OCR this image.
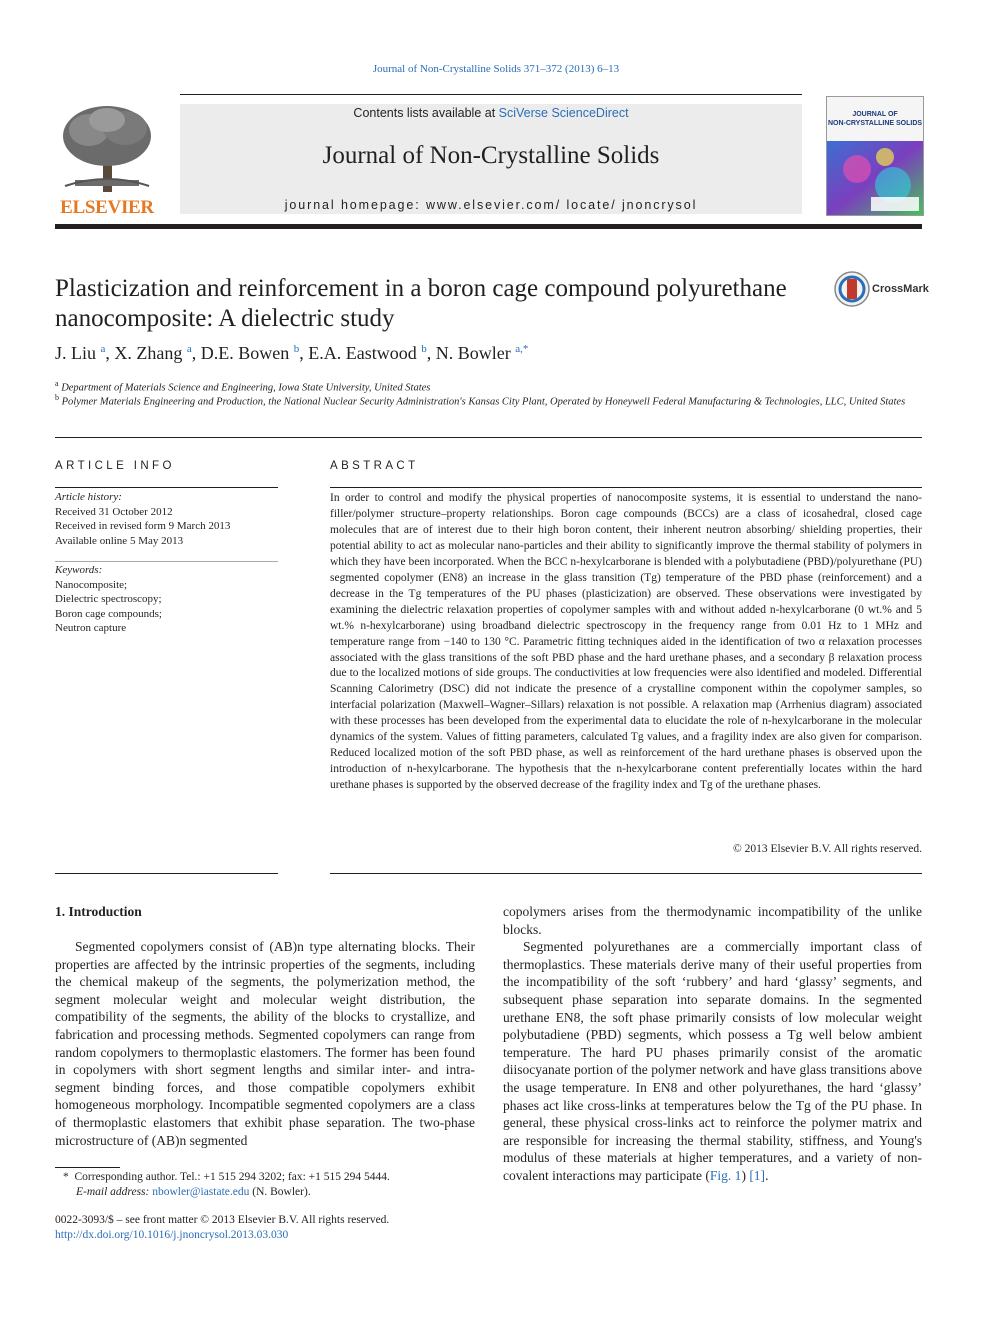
Journal of Non-Crystalline Solids 371–372 (2013) 6–13
ELSEVIER
Contents lists available at SciVerse ScienceDirect
Journal of Non-Crystalline Solids
journal homepage: www.elsevier.com/ locate/ jnoncrysol
JOURNAL OF
NON-CRYSTALLINE SOLIDS
Plasticization and reinforcement in a boron cage compound polyurethane nanocomposite: A dielectric study
CrossMark
J. Liu $^a$, X. Zhang $^a$, D.E. Bowen $^b$, E.A. Eastwood $^b$, N. Bowler $^{a,*}$
$^a$ Department of Materials Science and Engineering, Iowa State University, United States
$^b$ Polymer Materials Engineering and Production, the National Nuclear Security Administration's Kansas City Plant, Operated by Honeywell Federal Manufacturing & Technologies, LLC, United States
ARTICLE INFO
Article history:
Received 31 October 2012
Received in revised form 9 March 2013
Available online 5 May 2013
Keywords:
Nanocomposite;
Dielectric spectroscopy;
Boron cage compounds;
Neutron capture
ABSTRACT
In order to control and modify the physical properties of nanocomposite systems, it is essential to understand the nano-filler/polymer structure–property relationships. Boron cage compounds (BCCs) are a class of icosahedral, closed cage molecules that are of interest due to their high boron content, their inherent neutron absorbing/ shielding properties, their potential ability to act as molecular nano-particles and their ability to significantly improve the thermal stability of polymers in which they have been incorporated. When the BCC n-hexylcarborane is blended with a polybutadiene (PBD)/polyurethane (PU) segmented copolymer (EN8) an increase in the glass transition (Tg) temperature of the PBD phase (reinforcement) and a decrease in the Tg temperatures of the PU phases (plasticization) are observed. These observations were investigated by examining the dielectric relaxation properties of copolymer samples with and without added n-hexylcarborane (0 wt.% and 5 wt.% n-hexylcarborane) using broadband dielectric spectroscopy in the frequency range from 0.01 Hz to 1 MHz and temperature range from −140 to 130 °C. Parametric fitting techniques aided in the identification of two α relaxation processes associated with the glass transitions of the soft PBD phase and the hard urethane phases, and a secondary β relaxation process due to the localized motions of side groups. The conductivities at low frequencies were also identified and modeled. Differential Scanning Calorimetry (DSC) did not indicate the presence of a crystalline component within the copolymer samples, so interfacial polarization (Maxwell–Wagner–Sillars) relaxation is not possible. A relaxation map (Arrhenius diagram) associated with these processes has been developed from the experimental data to elucidate the role of n-hexylcarborane in the molecular dynamics of the system. Values of fitting parameters, calculated Tg values, and a fragility index are also given for comparison. Reduced localized motion of the soft PBD phase, as well as reinforcement of the hard urethane phases is observed upon the introduction of n-hexylcarborane. The hypothesis that the n-hexylcarborane content preferentially locates within the hard urethane phases is supported by the observed decrease of the fragility index and Tg of the urethane phases.
© 2013 Elsevier B.V. All rights reserved.
1. Introduction

Segmented copolymers consist of (AB)n type alternating blocks. Their properties are affected by the intrinsic properties of the segments, including the chemical makeup of the segments, the polymerization method, the segment molecular weight and molecular weight distribution, the compatibility of the segments, the ability of the blocks to crystallize, and fabrication and processing methods. Segmented copolymers can range from random copolymers to thermoplastic elastomers. The former has been found in copolymers with short segment lengths and similar inter- and intra-segment binding forces, and those compatible copolymers exhibit homogeneous morphology. Incompatible segmented copolymers are a class of thermoplastic elastomers that exhibit phase separation. The two-phase microstructure of (AB)n segmented

copolymers arises from the thermodynamic incompatibility of the unlike blocks.

Segmented polyurethanes are a commercially important class of thermoplastics. These materials derive many of their useful properties from the incompatibility of the soft ‘rubbery’ and hard ‘glassy’ segments, and subsequent phase separation into separate domains. In the segmented urethane EN8, the soft phase primarily consists of low molecular weight polybutadiene (PBD) segments, which possess a Tg well below ambient temperature. The hard PU phases primarily consist of the aromatic diisocyanate portion of the polymer network and have glass transitions above the usage temperature. In EN8 and other polyurethanes, the hard ‘glassy’ phases act like cross-links at temperatures below the Tg of the PU phase. In general, these physical cross-links act to reinforce the polymer matrix and are responsible for increasing the thermal stability, stiffness, and Young's modulus of these materials at higher temperatures, and a variety of non-covalent interactions may participate (Fig. 1) [1].

*  Corresponding author. Tel.: +1 515 294 3202; fax: +1 515 294 5444.
E-mail address: nbowler@iastate.edu (N. Bowler).
0022-3093/$ – see front matter © 2013 Elsevier B.V. All rights reserved.
http://dx.doi.org/10.1016/j.jnoncrysol.2013.03.030
